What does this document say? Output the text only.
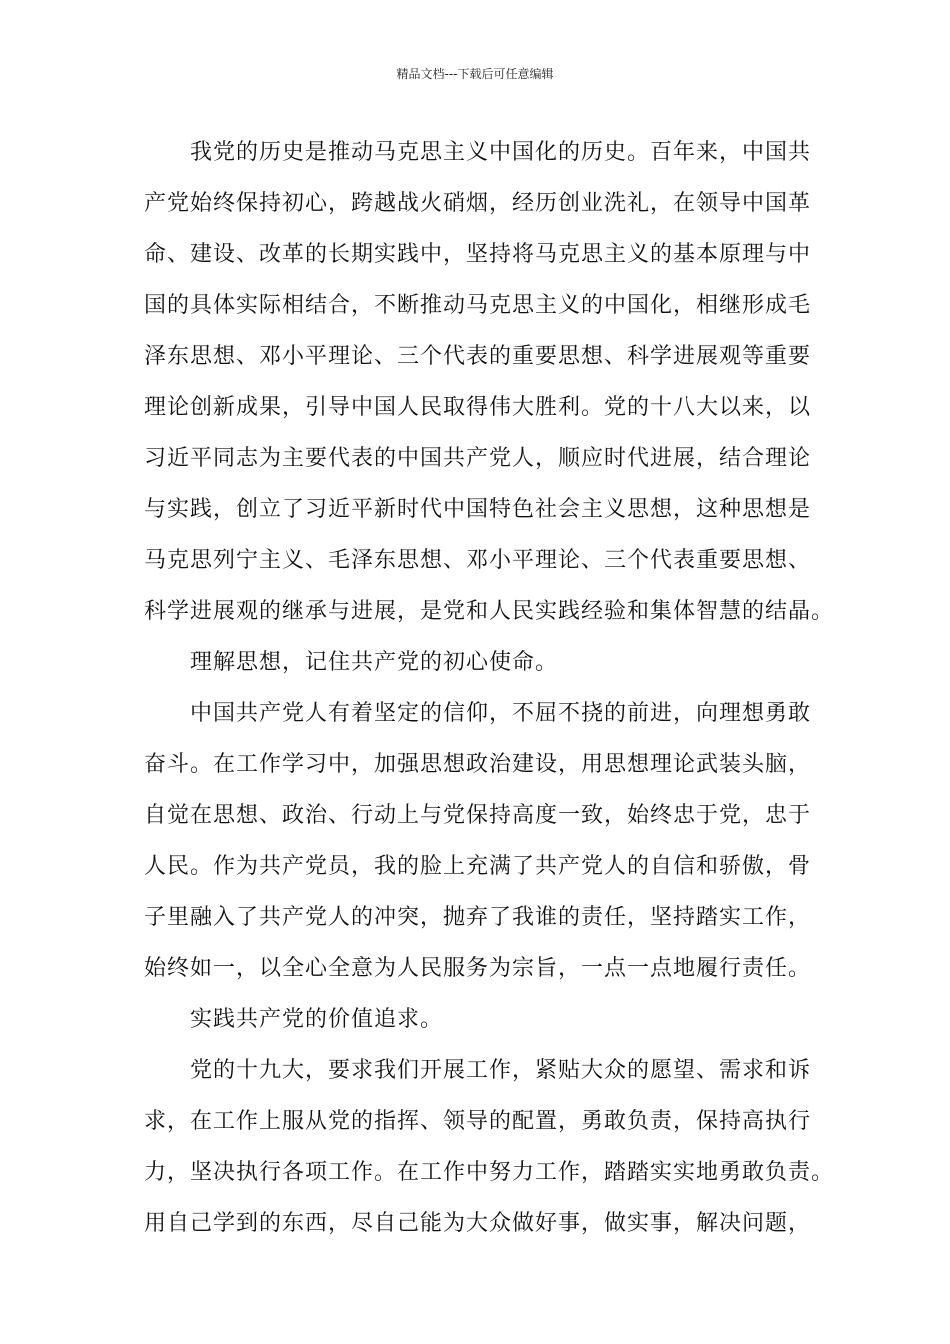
精品文档---下载后可任意编辑
我党的历史是推动马克思主义中国化的历史。百年来，中国共
产党始终保持初心，跨越战火硝烟，经历创业洗礼，在领导中国革
命、建设、改革的长期实践中，坚持将马克思主义的基本原理与中
国的具体实际相结合，不断推动马克思主义的中国化，相继形成毛
泽东思想、邓小平理论、三个代表的重要思想、科学进展观等重要
理论创新成果，引导中国人民取得伟大胜利。党的十八大以来，以
习近平同志为主要代表的中国共产党人，顺应时代进展，结合理论
与实践，创立了习近平新时代中国特色社会主义思想，这种思想是
马克思列宁主义、毛泽东思想、邓小平理论、三个代表重要思想、
科学进展观的继承与进展，是党和人民实践经验和集体智慧的结晶。
理解思想，记住共产党的初心使命。
中国共产党人有着坚定的信仰，不屈不挠的前进，向理想勇敢
奋斗。在工作学习中，加强思想政治建设，用思想理论武装头脑，
自觉在思想、政治、行动上与党保持高度一致，始终忠于党，忠于
人民。作为共产党员，我的脸上充满了共产党人的自信和骄傲，骨
子里融入了共产党人的冲突，抛弃了我谁的责任，坚持踏实工作，
始终如一，以全心全意为人民服务为宗旨，一点一点地履行责任。
实践共产党的价值追求。
党的十九大，要求我们开展工作，紧贴大众的愿望、需求和诉
求，在工作上服从党的指挥、领导的配置，勇敢负责，保持高执行
力，坚决执行各项工作。在工作中努力工作，踏踏实实地勇敢负责。
用自己学到的东西，尽自己能为大众做好事，做实事，解决问题，
